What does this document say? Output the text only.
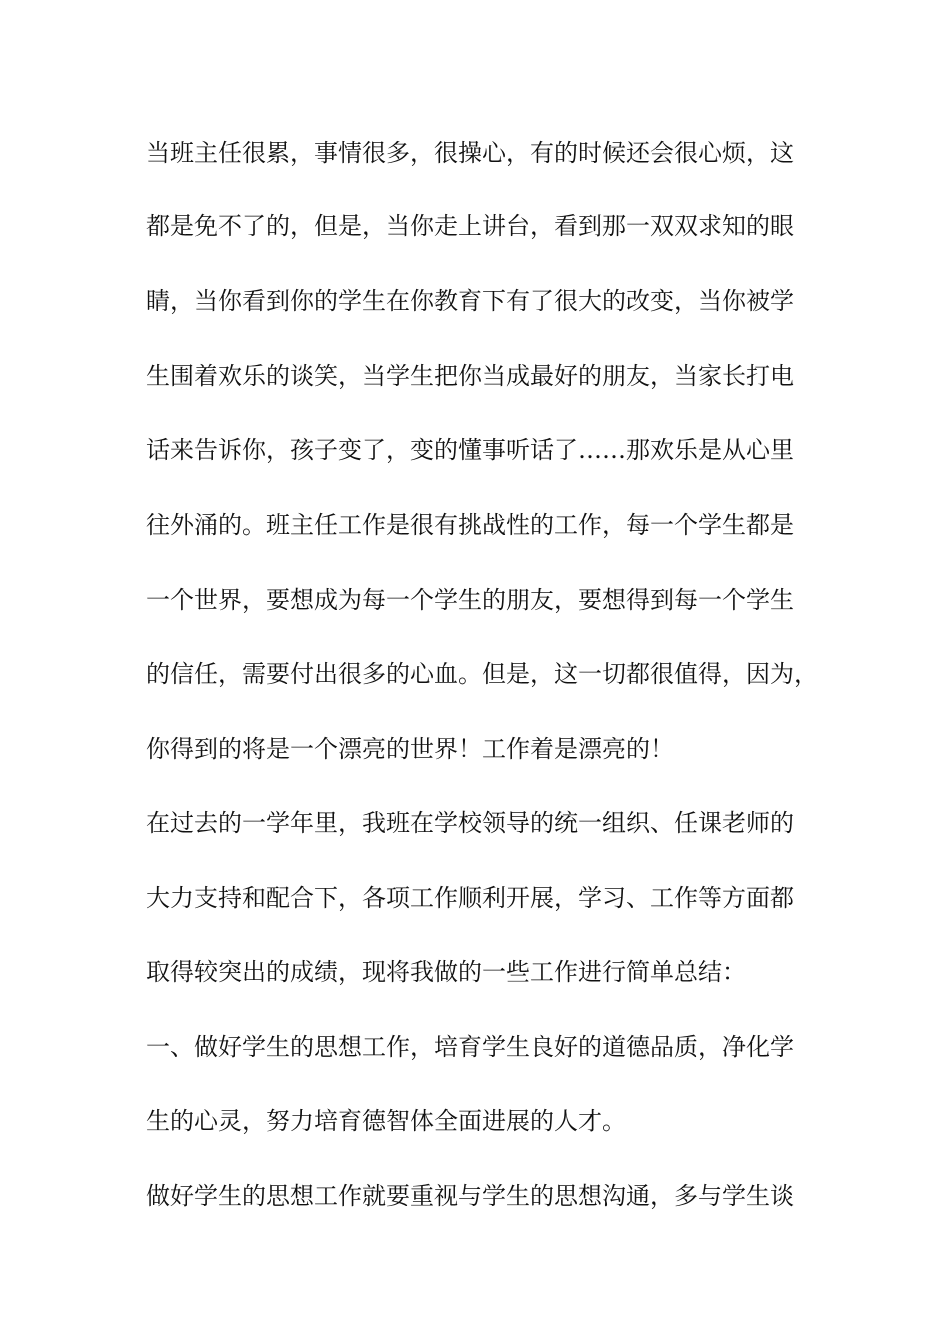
当班主任很累，事情很多，很操心，有的时候还会很心烦，这
都是免不了的，但是，当你走上讲台，看到那一双双求知的眼
睛，当你看到你的学生在你教育下有了很大的改变，当你被学
生围着欢乐的谈笑，当学生把你当成最好的朋友，当家长打电
话来告诉你，孩子变了，变的懂事听话了……那欢乐是从心里
往外涌的。班主任工作是很有挑战性的工作，每一个学生都是
一个世界，要想成为每一个学生的朋友，要想得到每一个学生
的信任，需要付出很多的心血。但是，这一切都很值得，因为，
你得到的将是一个漂亮的世界！工作着是漂亮的！
在过去的一学年里，我班在学校领导的统一组织、任课老师的
大力支持和配合下，各项工作顺利开展，学习、工作等方面都
取得较突出的成绩，现将我做的一些工作进行简单总结：
一、做好学生的思想工作，培育学生良好的道德品质，净化学
生的心灵，努力培育德智体全面进展的人才。
做好学生的思想工作就要重视与学生的思想沟通，多与学生谈
